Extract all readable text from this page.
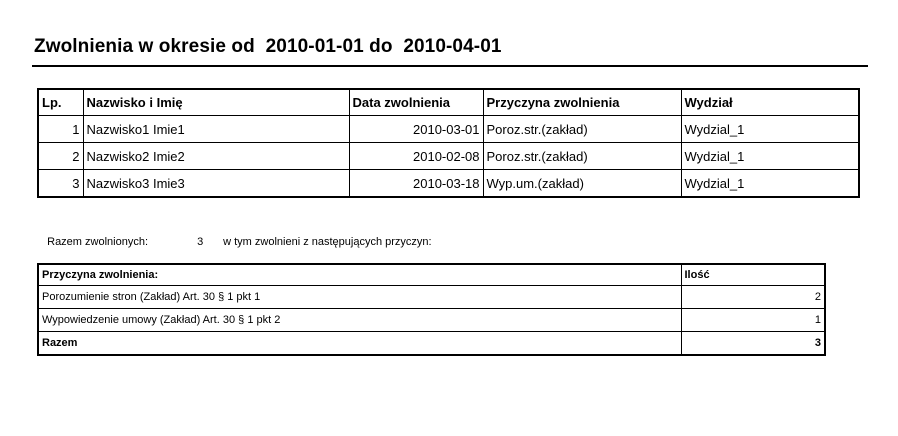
Zwolnienia w okresie od  2010-01-01 do  2010-04-01
Lp.	Nazwisko i Imię	Data zwolnienia	Przyczyna zwolnienia	Wydział
1	Nazwisko1 Imie1	2010-03-01	Poroz.str.(zakład)	Wydzial_1
2	Nazwisko2 Imie2	2010-02-08	Poroz.str.(zakład)	Wydzial_1
3	Nazwisko3 Imie3	2010-03-18	Wyp.um.(zakład)	Wydzial_1

Razem zwolnionych:	3 w tym zwolnieni z następujących przyczyn:

Przyczyna zwolnienia:	Ilość
Porozumienie stron (Zakład) Art. 30 § 1 pkt 1	2
Wypowiedzenie umowy (Zakład) Art. 30 § 1 pkt 2	1
Razem	3
